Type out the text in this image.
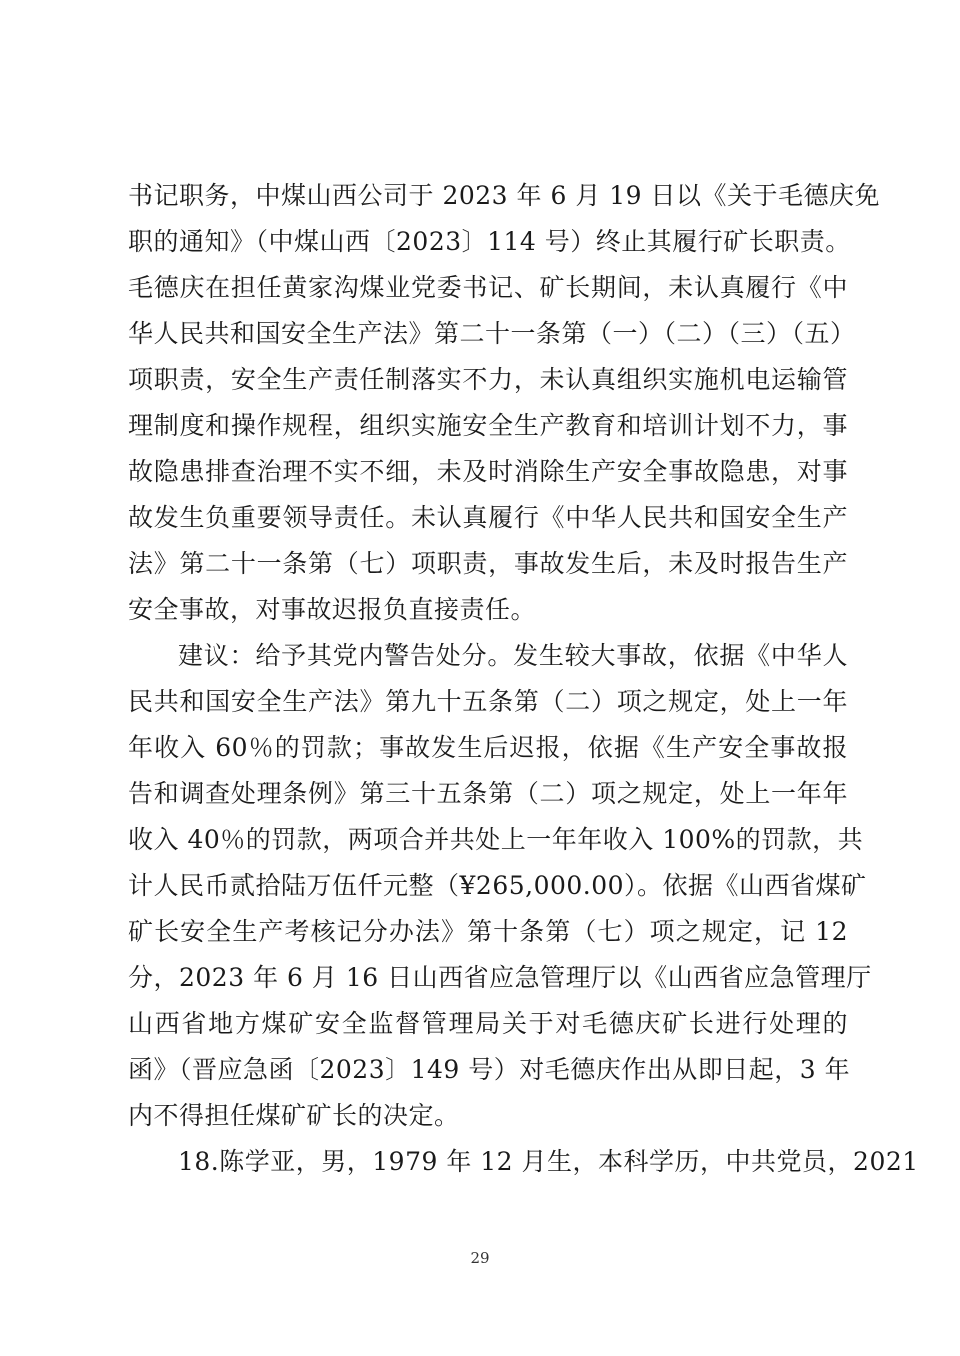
书记职务，中煤山西公司于 2023 年 6 月 19 日以《关于毛德庆免
职的通知》（中煤山西〔2023〕114 号）终止其履行矿长职责。
毛德庆在担任黄家沟煤业党委书记、矿长期间，未认真履行《中
华人民共和国安全生产法》第二十一条第（一）（二）（三）（五）
项职责，安全生产责任制落实不力，未认真组织实施机电运输管
理制度和操作规程，组织实施安全生产教育和培训计划不力，事
故隐患排查治理不实不细，未及时消除生产安全事故隐患，对事
故发生负重要领导责任。未认真履行《中华人民共和国安全生产
法》第二十一条第（七）项职责，事故发生后，未及时报告生产
安全事故，对事故迟报负直接责任。
建议：给予其党内警告处分。发生较大事故，依据《中华人
民共和国安全生产法》第九十五条第（二）项之规定，处上一年
年收入 60％的罚款；事故发生后迟报，依据《生产安全事故报
告和调查处理条例》第三十五条第（二）项之规定，处上一年年
收入 40％的罚款，两项合并共处上一年年收入 100%的罚款，共
计人民币贰拾陆万伍仟元整（¥265,000.00）。依据《山西省煤矿
矿长安全生产考核记分办法》第十条第（七）项之规定，记 12
分，2023 年 6 月 16 日山西省应急管理厅以《山西省应急管理厅
山西省地方煤矿安全监督管理局关于对毛德庆矿长进行处理的
函》（晋应急函〔2023〕149 号）对毛德庆作出从即日起，3 年
内不得担任煤矿矿长的决定。
18.陈学亚，男，1979 年 12 月生，本科学历，中共党员，2021
29
